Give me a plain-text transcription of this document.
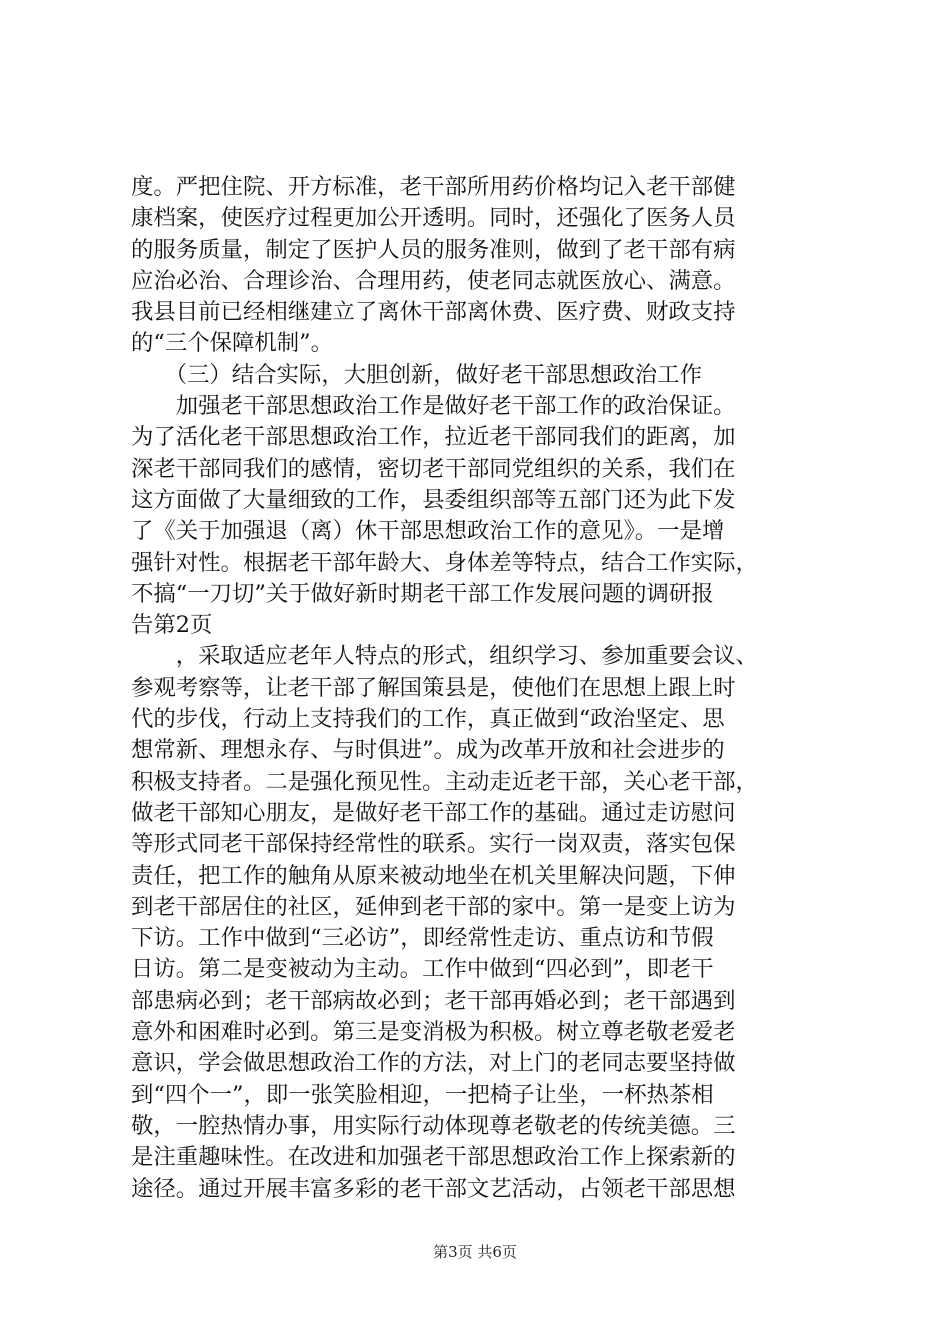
度。严把住院、开方标准，老干部所用药价格均记入老干部健
康档案，使医疗过程更加公开透明。同时，还强化了医务人员
的服务质量，制定了医护人员的服务准则，做到了老干部有病
应治必治、合理诊治、合理用药，使老同志就医放心、满意。
我县目前已经相继建立了离休干部离休费、医疗费、财政支持
的“三个保障机制”。
　　（三）结合实际，大胆创新，做好老干部思想政治工作
　　加强老干部思想政治工作是做好老干部工作的政治保证。
为了活化老干部思想政治工作，拉近老干部同我们的距离，加
深老干部同我们的感情，密切老干部同党组织的关系，我们在
这方面做了大量细致的工作，县委组织部等五部门还为此下发
了《关于加强退（离）休干部思想政治工作的意见》。一是增
强针对性。根据老干部年龄大、身体差等特点，结合工作实际，
不搞“一刀切”关于做好新时期老干部工作发展问题的调研报
告第2页
　　，采取适应老年人特点的形式，组织学习、参加重要会议、
参观考察等，让老干部了解国策县是，使他们在思想上跟上时
代的步伐，行动上支持我们的工作，真正做到“政治坚定、思
想常新、理想永存、与时俱进”。成为改革开放和社会进步的
积极支持者。二是强化预见性。主动走近老干部，关心老干部，
做老干部知心朋友，是做好老干部工作的基础。通过走访慰问
等形式同老干部保持经常性的联系。实行一岗双责，落实包保
责任，把工作的触角从原来被动地坐在机关里解决问题，下伸
到老干部居住的社区，延伸到老干部的家中。第一是变上访为
下访。工作中做到“三必访”，即经常性走访、重点访和节假
日访。第二是变被动为主动。工作中做到“四必到”，即老干
部患病必到；老干部病故必到；老干部再婚必到；老干部遇到
意外和困难时必到。第三是变消极为积极。树立尊老敬老爱老
意识，学会做思想政治工作的方法，对上门的老同志要坚持做
到“四个一”，即一张笑脸相迎，一把椅子让坐，一杯热茶相
敬，一腔热情办事，用实际行动体现尊老敬老的传统美德。三
是注重趣味性。在改进和加强老干部思想政治工作上探索新的
途径。通过开展丰富多彩的老干部文艺活动，占领老干部思想
第3页 共6页
